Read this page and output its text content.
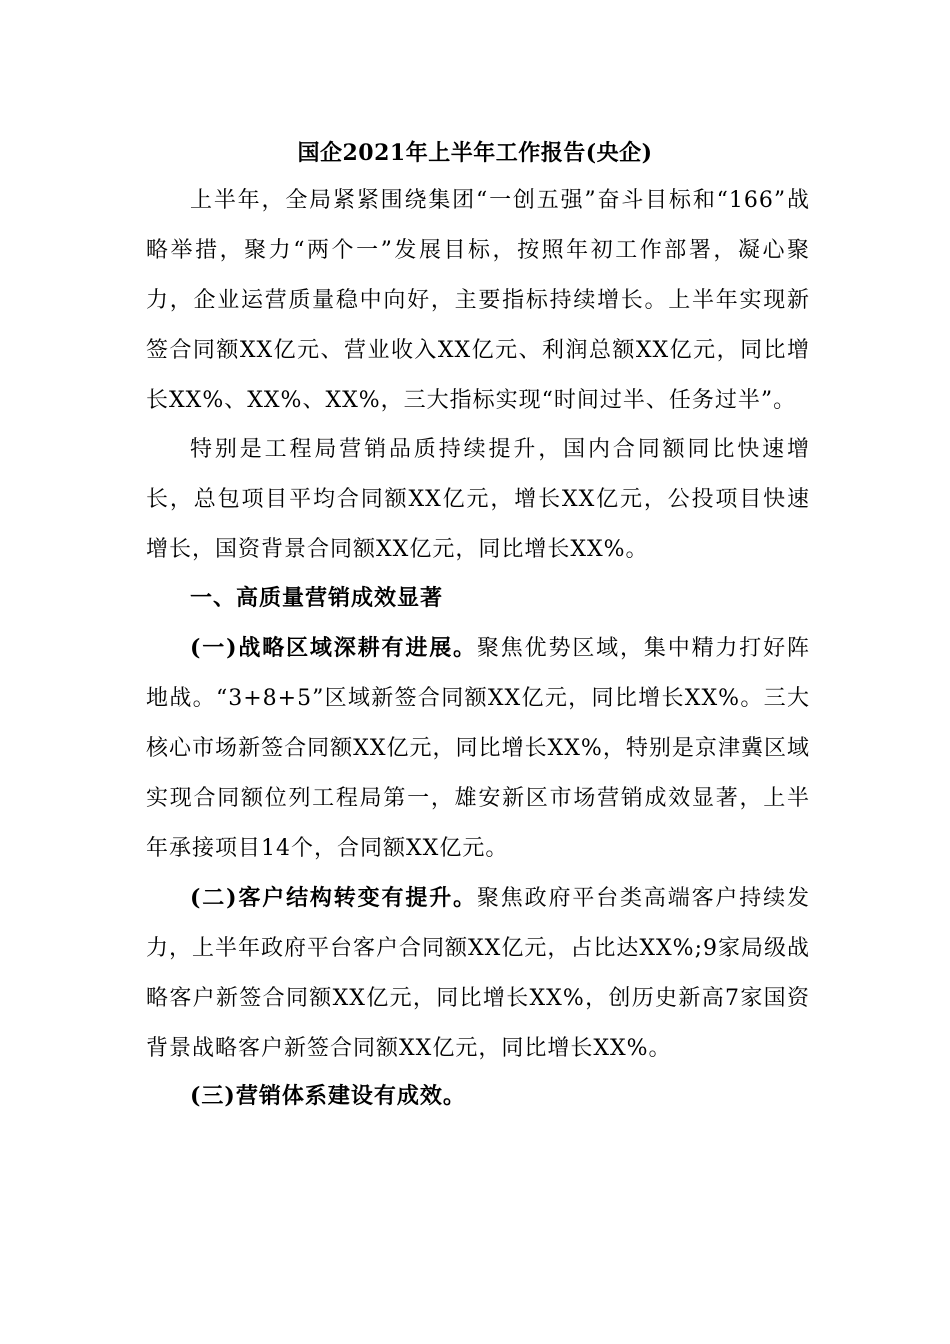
国企2021年上半年工作报告(央企)
上半年，全局紧紧围绕集团“一创五强”奋斗目标和“166”战略举措，聚力“两个一”发展目标，按照年初工作部署，凝心聚力，企业运营质量稳中向好，主要指标持续增长。上半年实现新签合同额XX亿元、营业收入XX亿元、利润总额XX亿元，同比增长XX%、XX%、XX%，三大指标实现“时间过半、任务过半”。
特别是工程局营销品质持续提升，国内合同额同比快速增长，总包项目平均合同额XX亿元，增长XX亿元，公投项目快速增长，国资背景合同额XX亿元，同比增长XX%。
一、高质量营销成效显著
(一)战略区域深耕有进展。聚焦优势区域，集中精力打好阵地战。“3+8+5”区域新签合同额XX亿元，同比增长XX%。三大核心市场新签合同额XX亿元，同比增长XX%，特别是京津冀区域实现合同额位列工程局第一，雄安新区市场营销成效显著，上半年承接项目14个，合同额XX亿元。
(二)客户结构转变有提升。聚焦政府平台类高端客户持续发力，上半年政府平台客户合同额XX亿元，占比达XX%;9家局级战略客户新签合同额XX亿元，同比增长XX%，创历史新高7家国资背景战略客户新签合同额XX亿元，同比增长XX%。
(三)营销体系建设有成效。
